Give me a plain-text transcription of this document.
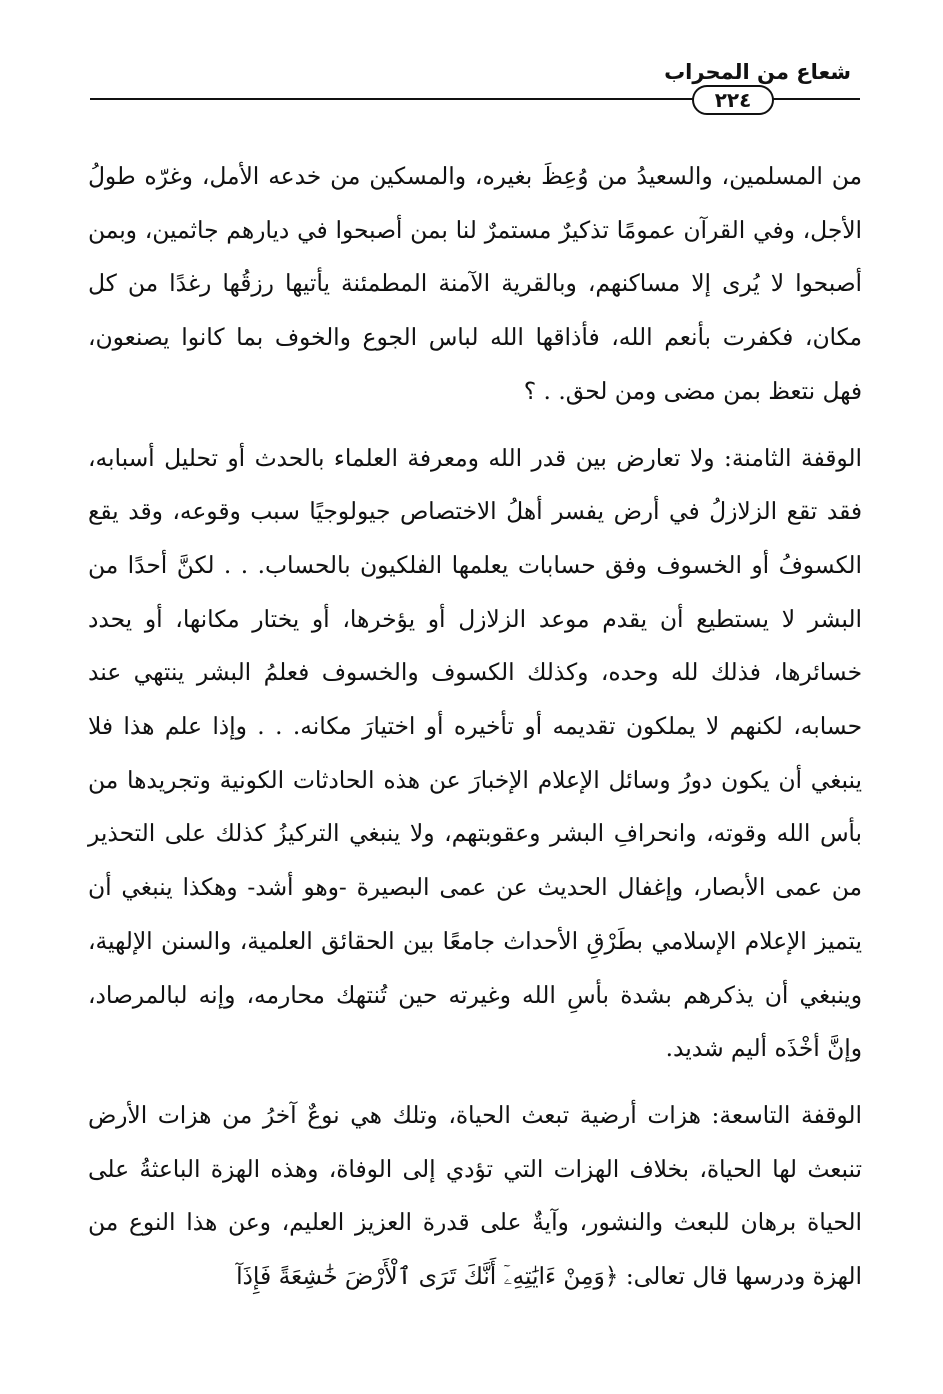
شعاع من المحراب
٢٢٤

من المسلمين، والسعيدُ من وُعِظَ بغيره، والمسكين من خدعه الأمل، وغرّه طولُ الأجل، وفي القرآن عمومًا تذكيرٌ مستمرٌ لنا بمن أصبحوا في ديارهم جاثمين، وبمن أصبحوا لا يُرى إلا مساكنهم، وبالقرية الآمنة المطمئنة يأتيها رزقُها رغدًا من كل مكان، فكفرت بأنعم الله، فأذاقها الله لباس الجوع والخوف بما كانوا يصنعون، فهل نتعظ بمن مضى ومن لحق. . ؟

الوقفة الثامنة: ولا تعارض بين قدر الله ومعرفة العلماء بالحدث أو تحليل أسبابه، فقد تقع الزلازلُ في أرض يفسر أهلُ الاختصاص جيولوجيًا سبب وقوعه، وقد يقع الكسوفُ أو الخسوف وفق حسابات يعلمها الفلكيون بالحساب. . . لكنَّ أحدًا من البشر لا يستطيع أن يقدم موعد الزلازل أو يؤخرها، أو يختار مكانها، أو يحدد خسائرها، فذلك لله وحده، وكذلك الكسوف والخسوف فعلمُ البشر ينتهي عند حسابه، لكنهم لا يملكون تقديمه أو تأخيره أو اختيارَ مكانه. . . وإذا علم هذا فلا ينبغي أن يكون دورُ وسائل الإعلام الإخبارَ عن هذه الحادثات الكونية وتجريدها من بأس الله وقوته، وانحرافِ البشر وعقوبتهم، ولا ينبغي التركيزُ كذلك على التحذير من عمى الأبصار، وإغفال الحديث عن عمى البصيرة -وهو أشد- وهكذا ينبغي أن يتميز الإعلام الإسلامي بطَرْقِ الأحداث جامعًا بين الحقائق العلمية، والسنن الإلهية، وينبغي أن يذكرهم بشدة بأسِ الله وغيرته حين تُنتهك محارمه، وإنه لبالمرصاد، وإنَّ أخْذَه أليم شديد.

الوقفة التاسعة: هزات أرضية تبعث الحياة، وتلك هي نوعٌ آخرُ من هزات الأرض تنبعث لها الحياة، بخلاف الهزات التي تؤدي إلى الوفاة، وهذه الهزة الباعثةُ على الحياة برهان للبعث والنشور، وآيةٌ على قدرة العزيز العليم، وعن هذا النوع من الهزة ودرسها قال تعالى: ﴿وَمِنْ ءَايَٰتِهِۦٓ أَنَّكَ تَرَى ٱلْأَرْضَ خَٰشِعَةً فَإِذَآ
